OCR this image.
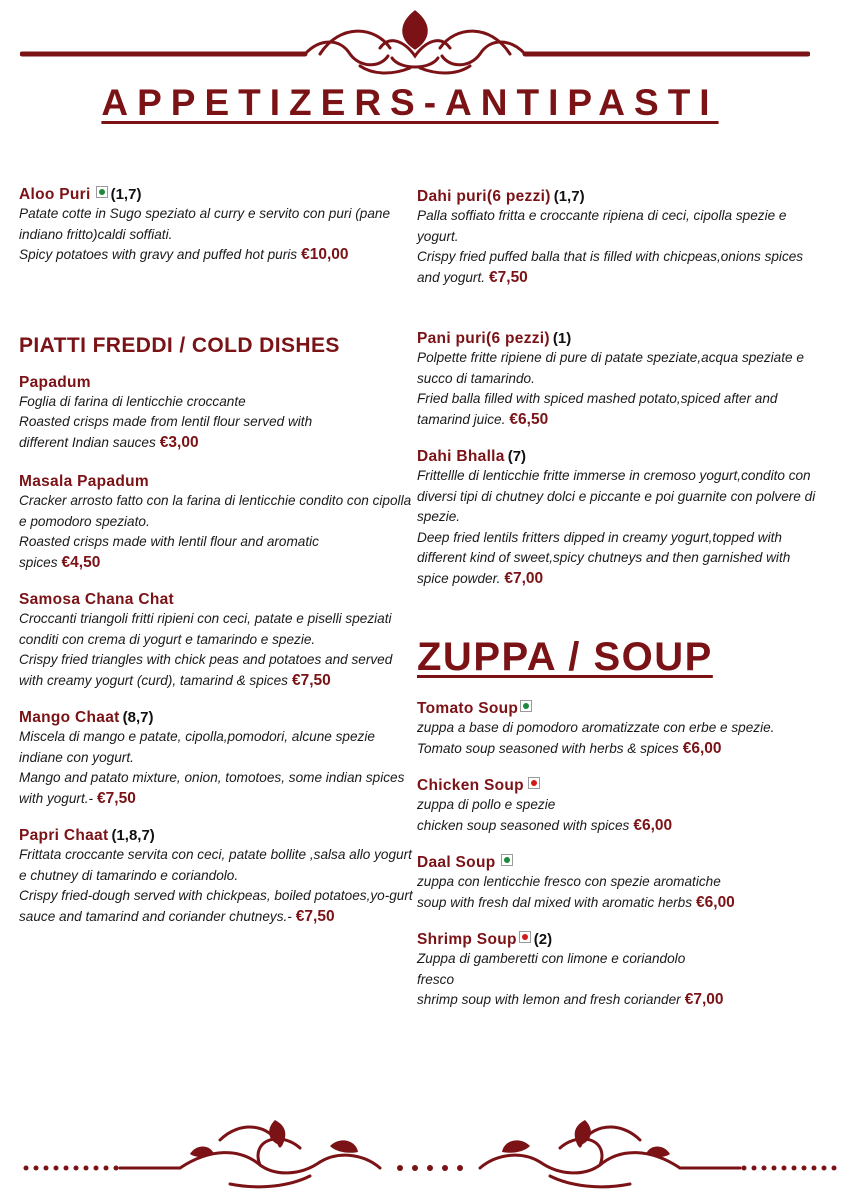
APPETIZERS-ANTIPASTI
Aloo Puri (1,7)
Patate cotte in Sugo speziato al curry e servito con puri (pane indiano fritto)caldi soffiati.
Spicy potatoes with gravy and puffed hot puris €10,00
PIATTI FREDDI / COLD DISHES
Papadum
Foglia di farina di lenticchie croccante
Roasted crisps made from lentil flour served with
different Indian sauces €3,00
Masala Papadum
Cracker arrosto fatto con la farina di lenticchie condito con cipolla e pomodoro speziato.
Roasted crisps made with lentil flour and aromatic
spices €4,50
Samosa Chana Chat
Croccanti triangoli fritti ripieni con ceci, patate e piselli speziati conditi con crema di yogurt e tamarindo e spezie.
Crispy fried triangles with chick peas and potatoes and served with creamy yogurt (curd), tamarind & spices €7,50
Mango Chaat (8,7)
Miscela di mango e patate, cipolla,pomodori, alcune spezie indiane con yogurt.
Mango and patato mixture, onion, tomotoes, some indian spices with yogurt.- €7,50
Papri Chaat (1,8,7)
Frittata croccante servita con ceci, patate bollite ,salsa allo yogurt e chutney di tamarindo e coriandolo.
Crispy fried-dough served with chickpeas, boiled potatoes,yo-gurt sauce and tamarind and coriander chutneys.- €7,50
Dahi puri(6 pezzi) (1,7)
Palla soffiato fritta e croccante ripiena di ceci, cipolla spezie e yogurt.
Crispy fried puffed balla that is filled with chicpeas,onions spices and yogurt. €7,50
Pani puri(6 pezzi) (1)
Polpette fritte ripiene di pure di patate speziate,acqua speziate e succo di tamarindo.
Fried balla filled with spiced mashed potato,spiced after and tamarind juice. €6,50
Dahi Bhalla (7)
Frittellle di lenticchie fritte immerse in cremoso yogurt,condito con diversi tipi di chutney dolci e piccante e poi guarnite con polvere di spezie.
Deep fried lentils fritters dipped in creamy yogurt,topped with different kind of sweet,spicy chutneys and then garnished with spice powder. €7,00
ZUPPA / SOUP
Tomato Soup
zuppa a base di pomodoro aromatizzate con erbe e spezie.
Tomato soup seasoned with herbs & spices €6,00
Chicken Soup
zuppa di pollo e spezie
chicken soup seasoned with spices €6,00
Daal Soup
zuppa con lenticchie fresco con spezie aromatiche
soup with fresh dal mixed with aromatic herbs €6,00
Shrimp Soup (2)
Zuppa di gamberetti con limone e coriandolo
fresco
shrimp soup with lemon and fresh coriander €7,00
